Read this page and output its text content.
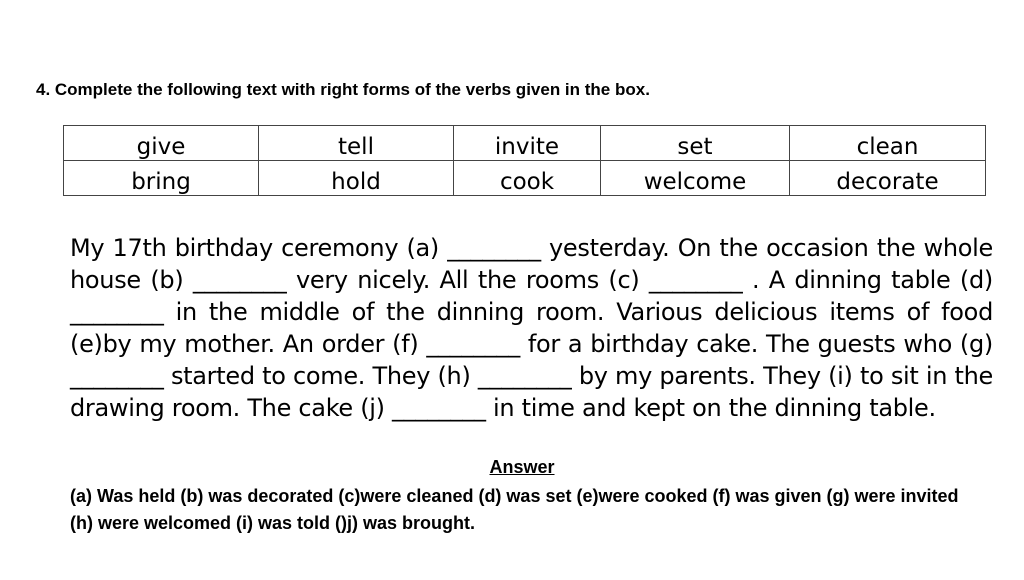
4. Complete the following text with right forms of the verbs given in the box.
give	tell	invite	set	clean
bring	hold	cook	welcome	decorate

My 17th birthday ceremony (a) ________ yesterday. On the occasion the whole house (b) ________ very nicely. All the rooms (c) ________ . A dinning table (d) ________ in the middle of the dinning room. Various delicious items of food (e)by my mother. An order (f) ________ for a birthday cake. The guests who (g) ________ started to come. They (h) ________ by my parents. They (i) to sit in the drawing room. The cake (j) ________ in time and kept on the dinning table.

Answer

(a) Was held (b) was decorated (c)were cleaned (d) was set (e)were cooked (f) was given (g) were invited (h) were welcomed (i) was told ()j) was brought.
